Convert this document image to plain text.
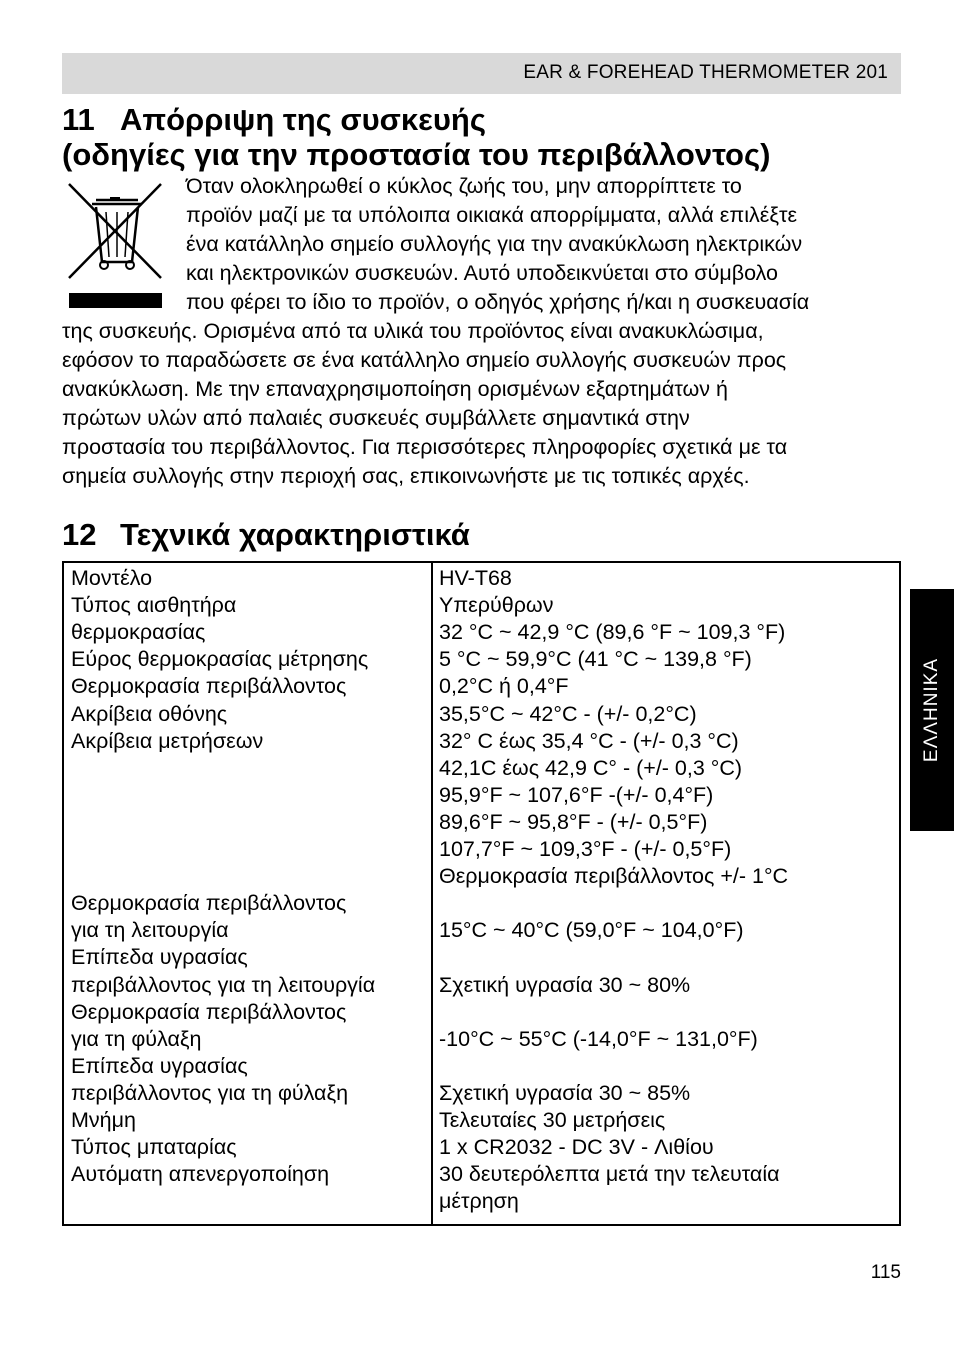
EAR & FOREHEAD THERMOMETER 201
11 Απόρριψη της συσκευής
(οδηγίες για την προστασία του περιβάλλοντος)
Όταν ολοκληρωθεί ο κύκλος ζωής του, μην απορρίπτετε το
προϊόν μαζί με τα υπόλοιπα οικιακά απορρίμματα, αλλά επιλέξτε
ένα κατάλληλο σημείο συλλογής για την ανακύκλωση ηλεκτρικών
και ηλεκτρονικών συσκευών. Αυτό υποδεικνύεται στο σύμβολο
που φέρει το ίδιο το προϊόν, ο οδηγός χρήσης ή/και η συσκευασία
της συσκευής. Ορισμένα από τα υλικά του προϊόντος είναι ανακυκλώσιμα,
εφόσον το παραδώσετε σε ένα κατάλληλο σημείο συλλογής συσκευών προς
ανακύκλωση. Με την επαναχρησιμοποίηση ορισμένων εξαρτημάτων ή
πρώτων υλών από παλαιές συσκευές συμβάλλετε σημαντικά στην
προστασία του περιβάλλοντος. Για περισσότερες πληροφορίες σχετικά με τα
σημεία συλλογής στην περιοχή σας, επικοινωνήστε με τις τοπικές αρχές.
12 Τεχνικά χαρακτηριστικά
Μοντέλο
Τύπος αισθητήρα
θερμοκρασίας
Εύρος θερμοκρασίας μέτρησης
Θερμοκρασία περιβάλλοντος
Ακρίβεια οθόνης
Ακρίβεια μετρήσεων
Θερμοκρασία περιβάλλοντος
για τη λειτουργία
Επίπεδα υγρασίας
περιβάλλοντος για τη λειτουργία
Θερμοκρασία περιβάλλοντος
για τη φύλαξη
Επίπεδα υγρασίας
περιβάλλοντος για τη φύλαξη
Μνήμη
Τύπος μπαταρίας
Αυτόματη απενεργοποίηση
HV-T68
Υπερύθρων
32 °C ~ 42,9 °C (89,6 °F ~ 109,3 °F)
5 °C ~ 59,9°C (41 °C ~ 139,8 °F)
0,2°C ή 0,4°F
35,5°C ~ 42°C - (+/- 0,2°C)
32° C έως 35,4 °C - (+/- 0,3 °C)
42,1C έως 42,9 C° - (+/- 0,3 °C)
95,9°F ~ 107,6°F -(+/- 0,4°F)
89,6°F ~ 95,8°F - (+/- 0,5°F)
107,7°F ~ 109,3°F - (+/- 0,5°F)
Θερμοκρασία περιβάλλοντος +/- 1°C
15°C ~ 40°C (59,0°F ~ 104,0°F)
Σχετική υγρασία 30 ~ 80%
-10°C ~ 55°C (-14,0°F ~ 131,0°F)
Σχετική υγρασία 30 ~ 85%
Τελευταίες 30 μετρήσεις
1 x CR2032 - DC 3V - Λιθίου
30 δευτερόλεπτα μετά την τελευταία
μέτρηση
ΕΛΛΗΝΙΚΑ
115
